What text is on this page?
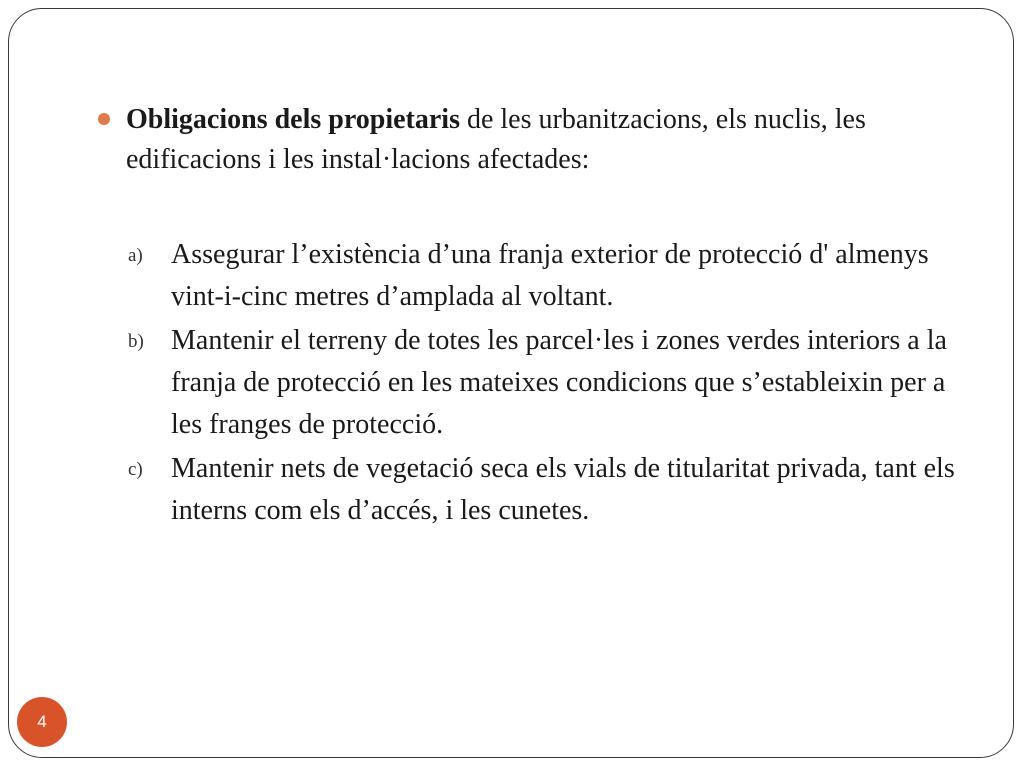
Obligacions dels propietaris de les urbanitzacions, els nuclis, les edificacions i les instal·lacions afectades:
a) Assegurar l’existència d’una franja exterior de protecció d' almenys vint-i-cinc metres d’amplada al voltant.
b) Mantenir el terreny de totes les parcel·les i zones verdes interiors a la franja de protecció en les mateixes condicions que s’estableixin per a les franges de protecció.
c) Mantenir nets de vegetació seca els vials de titularitat privada, tant els interns com els d’accés, i les cunetes.
4
